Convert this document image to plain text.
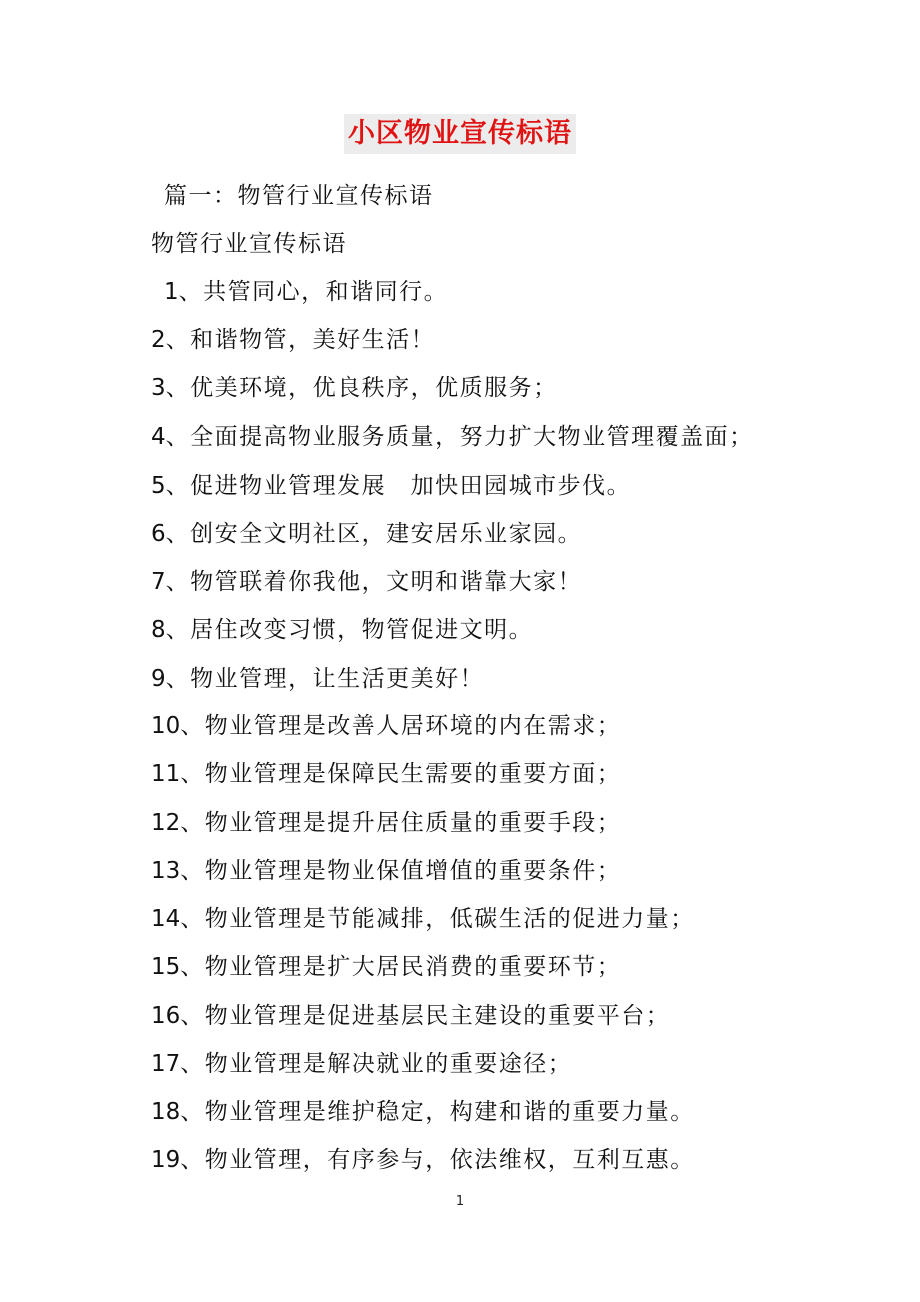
小区物业宣传标语
篇一：物管行业宣传标语
物管行业宣传标语
1、共管同心，和谐同行。
2、和谐物管，美好生活！
3、优美环境，优良秩序，优质服务；
4、全面提高物业服务质量，努力扩大物业管理覆盖面；
5、促进物业管理发展　加快田园城市步伐。
6、创安全文明社区，建安居乐业家园。
7、物管联着你我他，文明和谐靠大家！
8、居住改变习惯，物管促进文明。
9、物业管理，让生活更美好！
10、物业管理是改善人居环境的内在需求；
11、物业管理是保障民生需要的重要方面；
12、物业管理是提升居住质量的重要手段；
13、物业管理是物业保值增值的重要条件；
14、物业管理是节能减排，低碳生活的促进力量；
15、物业管理是扩大居民消费的重要环节；
16、物业管理是促进基层民主建设的重要平台；
17、物业管理是解决就业的重要途径；
18、物业管理是维护稳定，构建和谐的重要力量。
19、物业管理，有序参与，依法维权，互利互惠。
1
